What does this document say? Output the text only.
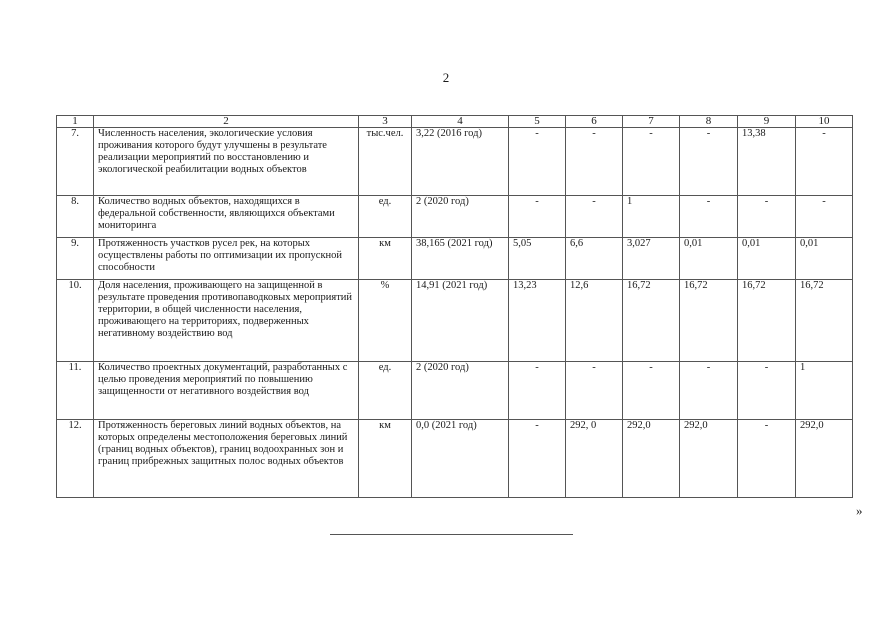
2
1	2	3	4	5	6	7	8	9	10
7.	Численность населения, экологические условия проживания которого будут улучшены в результате реализации мероприятий по восстановлению и экологической реабилитации водных объектов	тыс.чел.	3,22 (2016 год)	-	-	-	-	13,38	-
8.	Количество водных объектов, находящихся в федеральной собственности, являющихся объектами мониторинга	ед.	2 (2020 год)	-	-	1	-	-	-
9.	Протяженность участков русел рек, на которых осуществлены работы по оптимизации их пропускной способности	км	38,165 (2021 год)	5,05	6,6	3,027	0,01	0,01	0,01
10.	Доля населения, проживающего на защищенной в результате проведения противопаводковых мероприятий территории, в общей численности населения, проживающего на территориях, подверженных негативному воздействию вод	%	14,91 (2021 год)	13,23	12,6	16,72	16,72	16,72	16,72
11.	Количество проектных документаций, разработанных с целью проведения мероприятий по повышению защищенности от негативного воздействия вод	ед.	2 (2020 год)	-	-	-	-	-	1
12.	Протяженность береговых линий водных объектов, на которых определены местоположения береговых линий (границ водных объектов), границ водоохранных зон и границ прибрежных защитных полос водных объектов	км	0,0 (2021 год)	-	292, 0	292,0	292,0	-	292,0
»
